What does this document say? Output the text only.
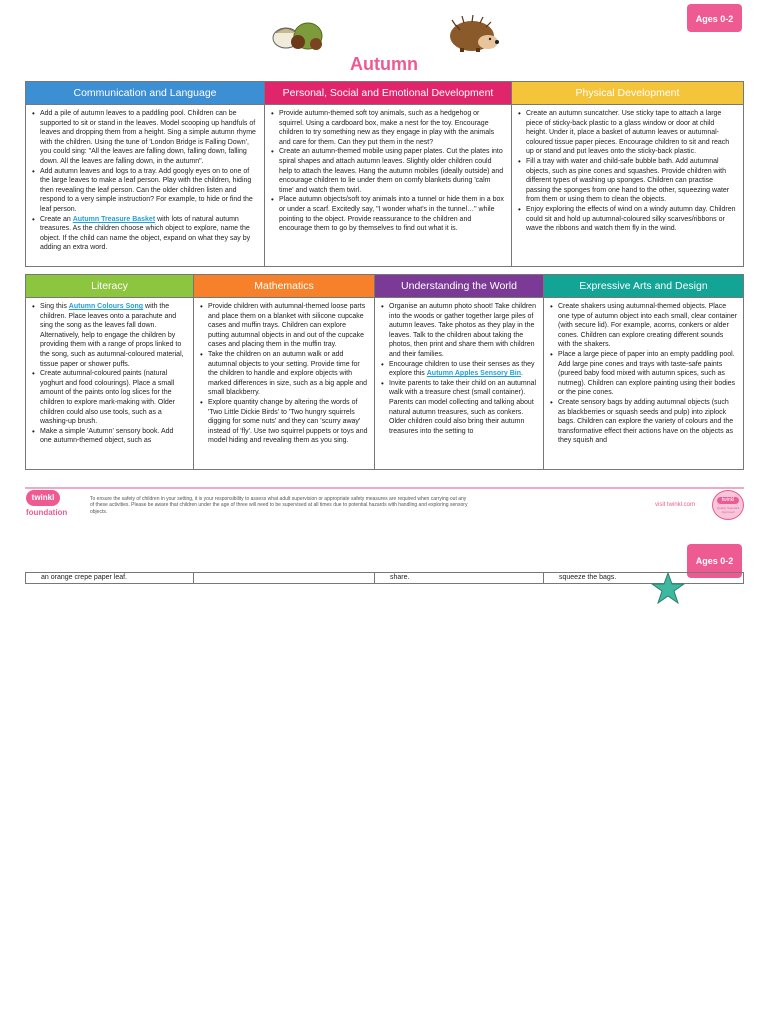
Ages 0-2
Autumn
Communication and Language
• Add a pile of autumn leaves to a paddling pool. Children can be supported to sit or stand in the leaves. Model scooping up handfuls of leaves and dropping them from a height. Sing a simple autumn rhyme with the children. Using the tune of 'London Bridge is Falling Down', you could sing: "All the leaves are falling down, falling down, falling down. All the leaves are falling down, in the autumn".
• Add autumn leaves and logs to a tray. Add googly eyes on to one of the large leaves to make a leaf person. Play with the children, hiding then revealing the leaf person. Can the older children listen and respond to a very simple instruction? For example, to hide or find the leaf person.
• Create an Autumn Treasure Basket with lots of natural autumn treasures. As the children choose which object to explore, name the object. If the child can name the object, expand on what they say by adding an extra word.
Personal, Social and Emotional Development
• Provide autumn-themed soft toy animals, such as a hedgehog or squirrel. Using a cardboard box, make a nest for the toy. Encourage children to try something new as they engage in play with the animals and care for them. Can they put them in the nest?
• Create an autumn-themed mobile using paper plates. Cut the plates into spiral shapes and attach autumn leaves. Slightly older children could help to attach the leaves. Hang the autumn mobiles (ideally outside) and encourage children to lie under them on comfy blankets during 'calm time' and watch them twirl.
• Place autumn objects/soft toy animals into a tunnel or hide them in a box or under a scarf. Excitedly say, "I wonder what's in the tunnel…" while pointing to the object. Provide reassurance to the children and encourage them to go by themselves to find out what it is.
Physical Development
• Create an autumn suncatcher. Use sticky tape to attach a large piece of sticky-back plastic to a glass window or door at child height. Under it, place a basket of autumn leaves or autumnal-coloured tissue paper pieces. Encourage children to sit and reach up or stand and put leaves onto the sticky-back plastic.
• Fill a tray with water and child-safe bubble bath. Add autumnal objects, such as pine cones and squashes. Provide children with different types of washing up sponges. Children can practise passing the sponges from one hand to the other, squeezing water from them or using them to clean the objects.
• Enjoy exploring the effects of wind on a windy autumn day. Children could sit and hold up autumnal-coloured silky scarves/ribbons or wave the ribbons and watch them fly in the wind.
Literacy
• Sing this Autumn Colours Song with the children. Place leaves onto a parachute and sing the song as the leaves fall down. Alternatively, help to engage the children by providing them with a range of props linked to the song, such as autumnal-coloured material, tissue paper or shower puffs.
• Create autumnal-coloured paints (natural yoghurt and food colourings). Place a small amount of the paints onto log slices for the children to explore mark-making with. Older children could also use tools, such as a washing-up brush.
• Make a simple 'Autumn' sensory book. Add one autumn-themed object, such as
Mathematics
• Provide children with autumnal-themed loose parts and place them on a blanket with silicone cupcake cases and muffin trays. Children can explore putting autumnal objects in and out of the cupcake cases and placing them in the muffin tray.
• Take the children on an autumn walk or add autumnal objects to your setting. Provide time for the children to handle and explore objects with marked differences in size, such as a big apple and small blackberry.
• Explore quantity change by altering the words of 'Two Little Dickie Birds' to 'Two hungry squirrels digging for some nuts' and they can 'scurry away' instead of 'fly'. Use two squirrel puppets or toys and model hiding and revealing them as you sing.
Understanding the World
• Organise an autumn photo shoot! Take children into the woods or gather together large piles of autumn leaves. Take photos as they play in the leaves. Talk to the children about taking the photos, then print and share them with children and their families.
• Encourage children to use their senses as they explore this Autumn Apples Sensory Bin.
• Invite parents to take their child on an autumnal walk with a treasure chest (small container). Parents can model collecting and talking about natural autumn treasures, such as conkers. Older children could also bring their autumn treasures into the setting to
Expressive Arts and Design
• Create shakers using autumnal-themed objects. Place one type of autumn object into each small, clear container (with secure lid). For example, acorns, conkers or alder cones. Children can explore creating different sounds with the shakers.
• Place a large piece of paper into an empty paddling pool. Add large pine cones and trays with taste-safe paints (pureed baby food mixed with autumn spices, such as nutmeg). Children can explore painting using their bodies or the pine cones.
• Create sensory bags by adding autumnal objects (such as blackberries or squash seeds and pulp) into ziplock bags. Children can explore the variety of colours and the transformative effect their actions have on the objects as they squish and
twinkl
foundation
To ensure the safety of children in your setting, it is your responsibility to assess what adult supervision or appropriate safety measures are required when carrying out any of these activities. Please be aware that children under the age of three will need to be supervised at all times due to potential hazards with handling and exploring sensory objects.
visit twinkl.com
twinkl
Quality Standard Approved
Ages 0-2
an orange crepe paper leaf.	share.	squeeze the bags.
